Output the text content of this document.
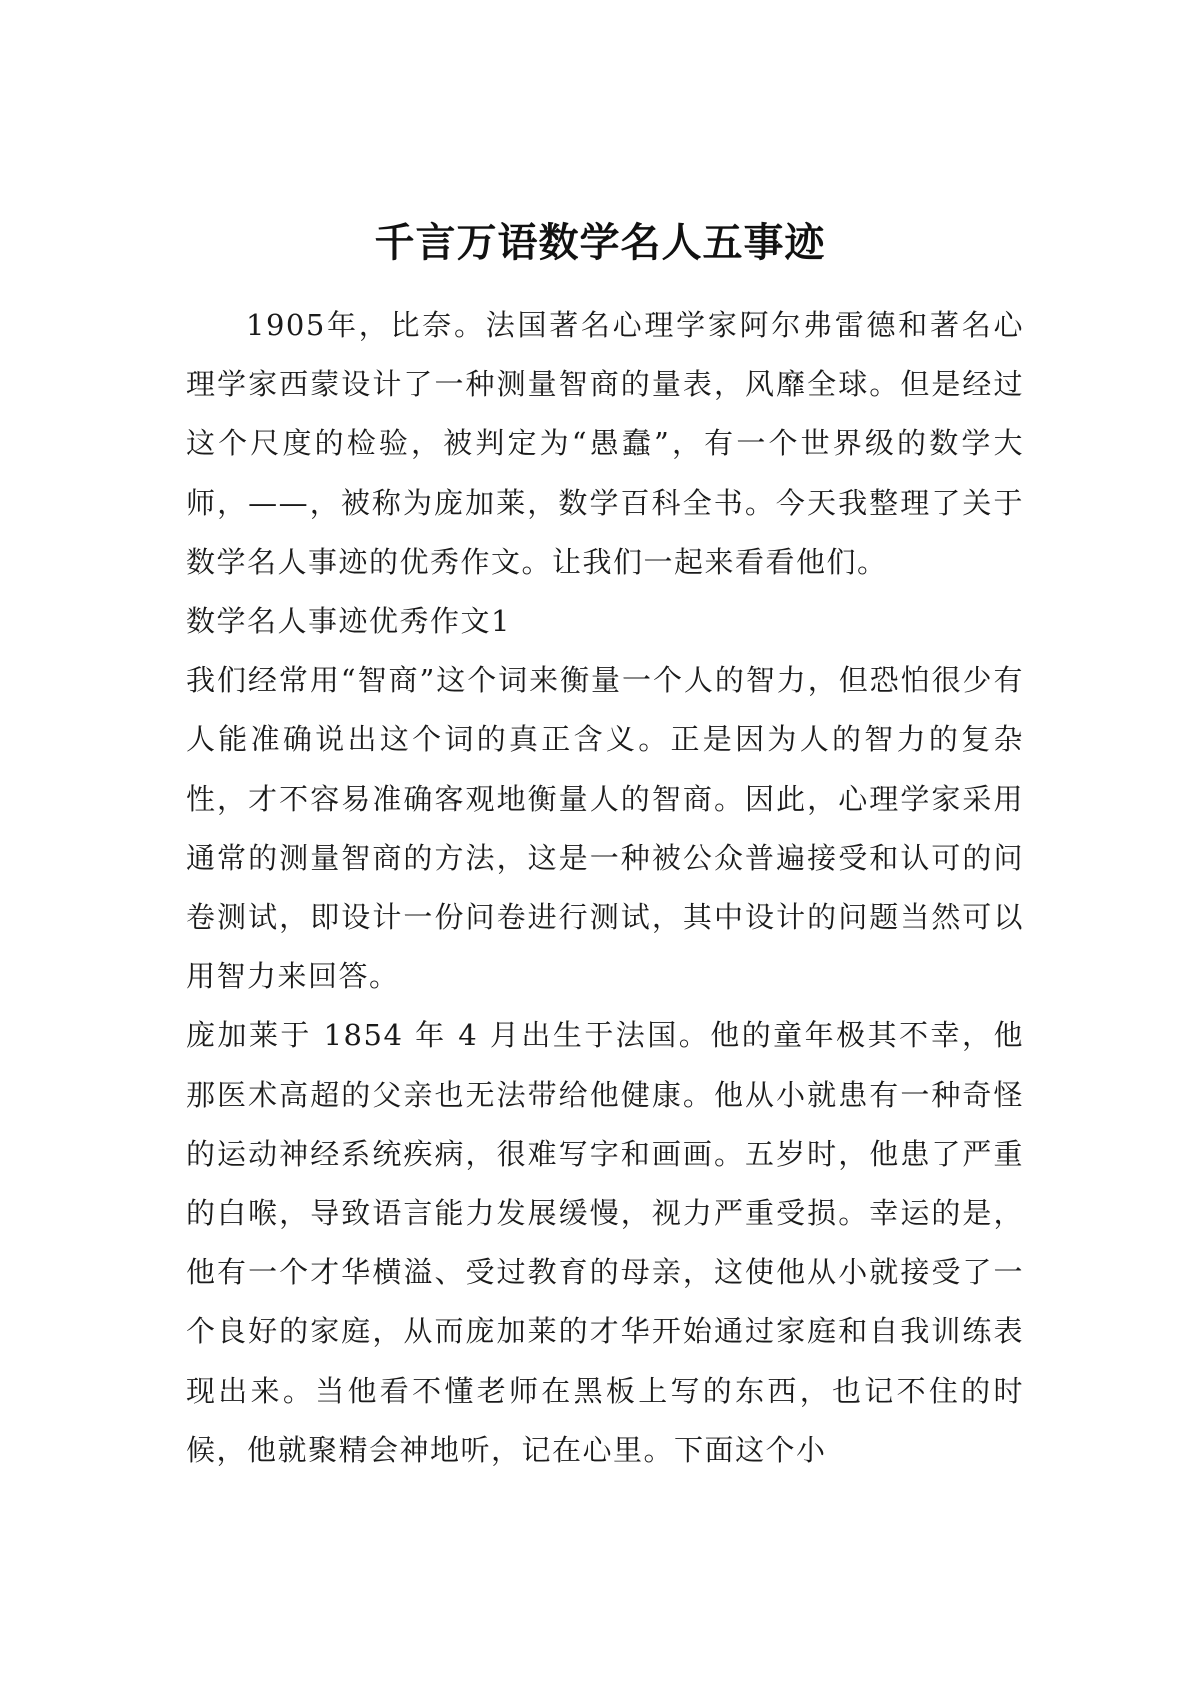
千言万语数学名人五事迹

1905年，比奈。法国著名心理学家阿尔弗雷德和著名心理学家西蒙设计了一种测量智商的量表，风靡全球。但是经过这个尺度的检验，被判定为“愚蠢”，有一个世界级的数学大师，——，被称为庞加莱，数学百科全书。今天我整理了关于数学名人事迹的优秀作文。让我们一起来看看他们。

数学名人事迹优秀作文1

我们经常用“智商”这个词来衡量一个人的智力，但恐怕很少有人能准确说出这个词的真正含义。正是因为人的智力的复杂性，才不容易准确客观地衡量人的智商。因此，心理学家采用通常的测量智商的方法，这是一种被公众普遍接受和认可的问卷测试，即设计一份问卷进行测试，其中设计的问题当然可以用智力来回答。

庞加莱于 1854 年 4 月出生于法国。他的童年极其不幸，他那医术高超的父亲也无法带给他健康。他从小就患有一种奇怪的运动神经系统疾病，很难写字和画画。五岁时，他患了严重的白喉，导致语言能力发展缓慢，视力严重受损。幸运的是，他有一个才华横溢、受过教育的母亲，这使他从小就接受了一个良好的家庭，从而庞加莱的才华开始通过家庭和自我训练表现出来。当他看不懂老师在黑板上写的东西，也记不住的时候，他就聚精会神地听，记在心里。下面这个小
